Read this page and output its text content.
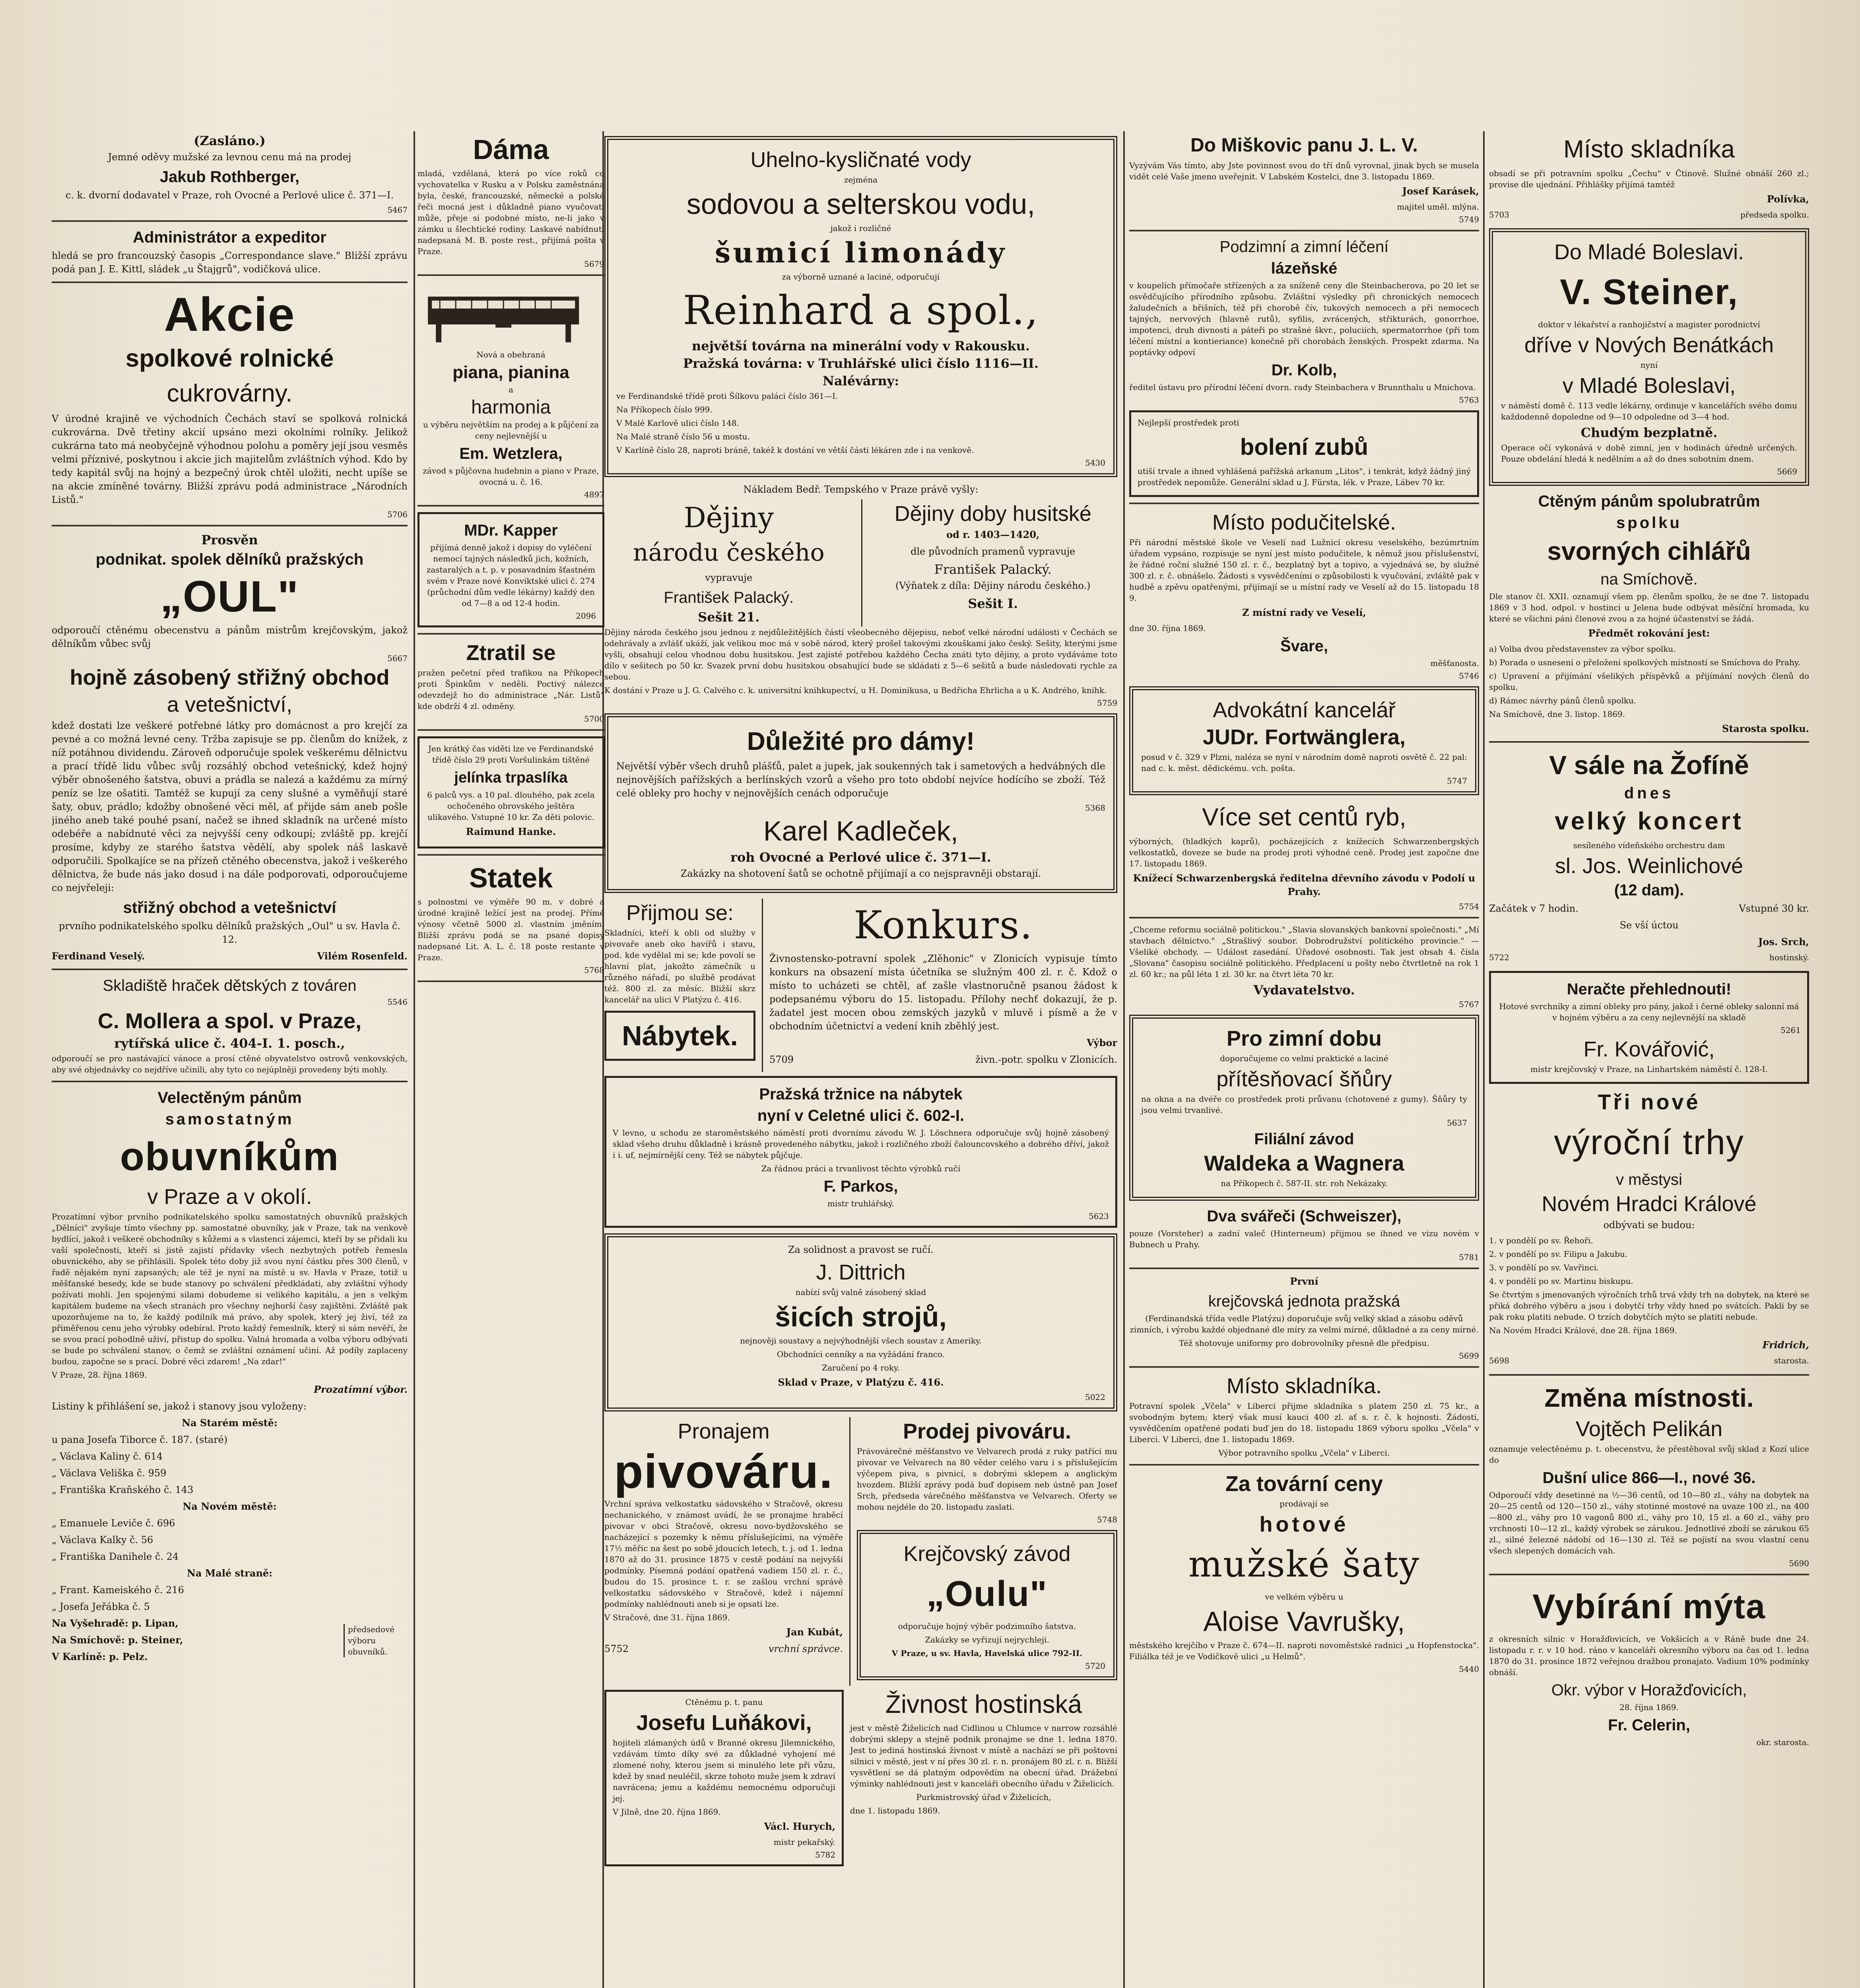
(Zasláno.)
Jemné oděvy mužské za levnou cenu má na prodej
Jakub Rothberger,
c. k. dvorní dodavatel v Praze, roh Ovocné a Perlové ulice č. 371—I.
5467
Administrátor a expeditor
hledá se pro francouzský časopis „Correspondance slave." Bližší zprávu podá pan J. E. Kittl, sládek „u Štajgrů", vodičková ulice.
Akcie
spolkové rolnické
cukrovárny.
V úrodné krajině ve východních Čechách staví se spolková rolnická cukrovárna. Dvě třetiny akcií upsáno mezi okolními rolníky. Jelikož cukrárna tato má neobyčejně výhodnou polohu a poměry její jsou vesměs velmi příznivé, poskytnou i akcie jich majitelům zvláštních výhod. Kdo by tedy kapitál svůj na hojný a bezpečný úrok chtěl uložiti, necht upíše se na akcie zmíněné továrny. Bližší zprávu podá administrace „Národních Listů."
5706
Prosvěn
podnikat. spolek dělníků pražských
„OUL"
odporoučí ctěnému obecenstvu a pánům mistrům krejčovským, jakož dělníkům vůbec svůj
5667
hojně zásobený střižný obchod
a vetešnictví,
kdež dostati lze veškeré potřebné látky pro domácnost a pro krejčí za pevné a co možná levné ceny. Tržba zapisuje se pp. členům do knížek, z níž potáhnou dividendu. Zároveň odporučuje spolek veškerému dělnictvu a prací třídě lidu vůbec svůj rozsáhlý obchod vetešnický, kdež hojný výběr obnošeného šatstva, obuvi a prádla se nalezá a každému za mírný peníz se lze ošatiti. Tamtéž se kupují za ceny slušné a vyměňují staré šaty, obuv, prádlo; kdožby obnošené věci měl, ať přijde sám aneb pošle jiného aneb také pouhé psaní, načež se ihned skladník na určené místo odebéře a nabídnuté věci za nejvyšší ceny odkoupí; zvláště pp. krejčí prosíme, kdyby ze starého šatstva vědělí, aby spolek náš laskavě odporučili. Spolkajíce se na přízeň ctěného obecenstva, jakož i veškerého dělnictva, že bude nás jako dosud i na dále podporovati, odporoučujeme co nejvřeleji:
střižný obchod a vetešnictví
prvního podnikatelského spolku dělníků pražských „Oul" u sv. Havla č. 12.
Ferdinand Veselý.	Vilém Rosenfeld.
Skladiště hraček dětských z továren
5546
C. Mollera a spol. v Praze,
rytířská ulice č. 404-I. 1. posch.,
odporoučí se pro nastávající vánoce a prosí ctěné obyvatelstvo ostrovů venkovských, aby své objednávky co nejdříve učinili, aby tyto co nejúplněji provedeny býti mohly.
Velectěným pánům
samostatným
obuvníkům
v Praze a v okolí.
Prozatímní výbor prvního podnikatelského spolku samostatných obuvníků pražských „Dělníci" zvyšuje tímto všechny pp. samostatné obuvníky, jak v Praze, tak na venkově bydlící, jakož i veškeré obchodníky s kůžemi a s vlastenci zájemci, kteří by se přidali ku vaší společnosti, kteří si jistě zajistí přídavky všech nezbytných potřeb řemesla obuvnického, aby se přihlásili. Spolek této doby již svou nyní částku přes 300 členů, v řadě nějakém nyní zapsaných; ale též je nyní na místě u sv. Havla v Praze, totiž u měšťanské besedy, kde se bude stanovy po schválení předkládati, aby zvláštní výhody požívati mohli. Jen spojenými silami dobudeme si velikého kapitálu, a jen s velkým kapitálem budeme na všech stranách pro všechny nejhorší časy zajištěni. Zvláště pak upozorňujeme na to, že každý podílník má právo, aby spolek, který jej živí, též za přiměřenou cenu jeho výrobky odebíral. Proto každý řemeslník, který si sám nevěří, že se svou prací pohodlně uživí, přistup do spolku. Valná hromada a volba výboru odbývati se bude po schválení stanov, o čemž se zvláštní oznámení učiní. Až podíly zaplaceny budou, započne se s prací. Dobré věci zdarem! „Na zdar!"
V Praze, 28. října 1869.
Prozatímní výbor.
Listiny k přihlášení se, jakož i stanovy jsou vyloženy:
Na Starém městě:
u pana Josefa Tiborce č. 187. (staré)
„ Václava Kaliny č. 614
„ Václava Veliška č. 959
„ Františka Kraňského č. 143
Na Novém městě:
„ Emanuele Leviče č. 696
„ Václava Kalky č. 56
„ Františka Danihele č. 24
Na Malé straně:
„ Frant. Kameiského č. 216
„ Josefa Jeřábka č. 5
Na Vyšehradě: p. Lipan,
Na Smíchově: p. Steiner,
V Karlíně: p. Pelz.
předsedové výboru obuvníků.
Dáma
mladá, vzdělaná, která po více roků co vychovatelka v Rusku a v Polsku zaměstnána byla, české, francouzské, německé a polské řeči mocná jest i důkladně piano vyučovati může, přeje si podobné místo, ne-li jako v zámku u šlechtické rodiny. Laskavé nabídnutí nadepsaná M. B. poste rest., přijímá pošta v Praze.
5679
Nová a obehraná
piana, pianina
a
harmonia
u výběru největším na prodej a k půjčení za ceny nejlevnější u
Em. Wetzlera,
závod s půjčovna hudebnin a piano v Praze, ovocná u. č. 16.
4897
MDr. Kapper
přijímá denně jakož i dopisy do vyléčení nemocí tajných následků jich, kožních, zastaralých a t. p. v posavadním šťastném svém v Praze nové Konviktské ulici č. 274 (průchodní dům vedle lékárny) každý den od 7—8 a od 12-4 hodin.
2096
Ztratil se
pražen pečetní před trafikou na Příkopech proti Špinkům v neděli. Poctivý nálezce odevzdejž ho do administrace „Nár. Listů" kde obdrží 4 zl. odměny.
5700
Jen krátký čas viděti lze ve Ferdinandské třídě číslo 29 proti Voršulinkám tištěné
jelínka trpaslíka
6 palců vys. a 10 pal. dlouhého, pak zcela ochočeného obrovského ještěra ulikavého. Vstupné 10 kr. Za děti polovic.
Raimund Hanke.
Statek
s polnostmi ve výměře 90 m. v dobré a úrodné krajině ležící jest na prodej. Přímé výnosy včetně 5000 zl. vlastním jměním. Bližší zprávu podá se na psané dopisy nadepsané Lit. A. L. č. 18 poste restante v Praze.
5768
Uhelno-kysličnaté vody
zejména
sodovou a selterskou vodu,
jakož i rozličné
šumicí limonády
za výborně uznané a laciné, odporučují
Reinhard a spol.,
největší továrna na minerální vody v Rakousku.
Pražská továrna: v Truhlářské ulici číslo 1116—II.
Nalévárny:
ve Ferdinandské třídě proti Šílkovu paláci číslo 361—I.
Na Příkopech číslo 999.
V Malé Karlově ulici číslo 148.
Na Malé straně číslo 56 u mostu.
V Karlíně číslo 28, naproti bráně, takéž k dostání ve větší části lékáren zde i na venkově.
5430
Nákladem Bedř. Tempského v Praze právě vyšly:
Dějiny
národu českého
vypravuje
František Palacký.
Sešit 21.
Dějiny doby husitské
od r. 1403—1420,
dle původních pramenů vypravuje
František Palacký.
(Výňatek z díla: Dějiny národu českého.)
Sešit I.
Dějiny národa českého jsou jednou z nejdůležitějších částí všeobecného dějepisu, neboť velké národní události v Čechách se odehrávaly a zvlášť ukáží, jak velikou moc má v sobě národ, který prošel takovými zkouškami jako český. Sešity, kterými jsme vyšli, obsahují celou vhodnou dobu husitskou. Jest zajisté potřebou každého Čecha znáti tyto dějiny, a proto vydáváme toto dílo v sešitech po 50 kr. Svazek první dobu husitskou obsahující bude se skládati z 5—6 sešitů a bude následovati rychle za sebou.
K dostání v Praze u J. G. Calvého c. k. universitní knihkupectví, u H. Dominikusa, u Bedřicha Ehrlicha a u K. Andrého, knihk.
5759
Důležité pro dámy!
Největší výběr všech druhů plášťů, palet a jupek, jak soukenných tak i sametových a hedvábných dle nejnovějších pařížských a berlínských vzorů a všeho pro toto období nejvíce hodícího se zboží. Též celé obleky pro hochy v nejnovějších cenách odporučuje
5368
Karel Kadleček,
roh Ovocné a Perlové ulice č. 371—I.
Zakázky na shotovení šatů se ochotně přijímají a co nejspravněji obstarají.
Přijmou se:
Skladníci, kteří k obli od služby v pivovaře aneb oko havířů i stavu, pod. kde vydělal mi se; kde povolí se hlavní plat, jakožto zámečník u různého nářadí, po službě prodávat též. 800 zl. za měsíc. Bližší skrz kancelář na ulici V Platýzu č. 416.
Nábytek.
Konkurs.
Živnostensko-potravní spolek „Zlěhonic" v Zlonicích vypisuje tímto konkurs na obsazení místa účetníka se služným 400 zl. r. č. Kdož o místo to ucházeti se chtěl, ať zašle vlastnoručně psanou žádost k podepsanému výboru do 15. listopadu. Přílohy nechť dokazují, že p. žadatel jest mocen obou zemských jazyků v mluvě i písmě a že v obchodním účetnictví a vedení knih zběhlý jest.
Výbor
5709	živn.-potr. spolku v Zlonicích.
Pražská tržnice na nábytek
nyní v Celetné ulici č. 602-I.
V levno, u schodu ze staroměstského náměstí proti dvornímu závodu W. J. Löschnera odporučuje svůj hojně zásobený sklad všeho druhu důkladně i krásně provedeného nábytku, jakož i rozličného zboží čalouncovského a dobrého dříví, jakož i i. uf, nejmírnější ceny. Též se nábytek půjčuje.
Za řádnou práci a trvanlivost těchto výrobků ručí
F. Parkos,
mistr truhlářský.
5623
Za solidnost a pravost se ručí.
J. Dittrich
nabízí svůj valně zásobený sklad
šicích strojů,
nejnověji soustavy a nejvýhodnější všech soustav z Ameriky.
Obchodníci cenníky a na vyžádání franco.
Zaručení po 4 roky.
Sklad v Praze, v Platýzu č. 416.
5022
Pronajem
pivováru.
Vrchní správa velkostatku sádovského v Stračově, okresu nechanického, v známost uvádí, že se pronajme hraběcí pivovar v obci Stračově, okresu novo-bydžovského se nacházející s pozemky k němu příslušejícími, na výměře 17½ měřic na šest po sobě jdoucích letech, t. j. od 1. ledna 1870 až do 31. prosince 1875 v cestě podání na nejvyšší podmínky. Písemná podání opatřená vadiem 150 zl. r. č., budou do 15. prosince t. r. se zašlou vrchní správě velkostatku sádovského v Stračově, kdež i nájemní podmínky nahlédnouti aneb si je opsati lze.
V Stračově, dne 31. října 1869.
Jan Kubát,
5752	vrchní správce.
Prodej pivováru.
Právovárečné měšťanstvo ve Velvarech prodá z ruky patřící mu pivovar ve Velvarech na 80 věder celého varu i s příslušejícím výčepem piva, s pivnicí, s dobrými sklepem a anglickým hvozdem. Bližší zprávy podá buď dopisem neb ústně pan Josef Srch, předseda várečného měšťanstva ve Velvarech. Oferty se mohou nejdéle do 20. listopadu zaslati.
5748
Krejčovský závod
„Oulu"
odporučuje hojný výběr podzimního šatstva.
Zakázky se vyřizují nejrychleji.
V Praze, u sv. Havla, Havelská ulice 792-II.
5720
Ctěnému p. t. panu
Josefu Luňákovi,
hojiteli zlámaných údů v Branné okresu Jilemnického, vzdávám tímto díky své za důkladné vyhojení mé zlomené nohy, kterou jsem si minulého lete při vůzu, kdež by snad neuléčil, skrze tohoto muže jsem k zdraví navrácena; jemu a každému nemocnému odporučuji jej.
V Jilně, dne 20. října 1869.
Václ. Hurych,
mistr pekařský.
5782
Živnost hostinská
jest v městě Žiželicích nad Cidlinou u Chlumce v narrow rozsáhlé dobrými sklepy a stejně podnik pronajme se dne 1. ledna 1870. Jest to jediná hostinská živnost v místě a nachází se při poštovní silnici v městě, jest v ní přes 30 zl. r. n. pronájem 80 zl. r. n. Bližší vysvětlení se dá platným odpovědím na obecní úřad. Drážební výminky nahlédnouti jest v kanceláři obecního úřadu v Žiželicích.
Purkmistrovský úřad v Žiželicích,
dne 1. listopadu 1869.
Do Miškovic panu J. L. V.
Vyzývám Vás tímto, aby Jste povinnost svou do tří dnů vyrovnal, jinak bych se musela vidět celé Vaše jmeno uveřejnit. V Labském Kostelci, dne 3. listopadu 1869.
Josef Karásek,
majitel uměl. mlýna.
5749
Podzimní a zimní léčení
lázeňské
v koupelích přímočaře střízených a za sníženě ceny dle Steinbacherova, po 20 let se osvědčujícího přírodního způsobu. Zvláštní výsledky při chronických nemocech žaludečních a břišních, též při chorobě čív, tukových nemocech a při nemocech tajných, nervových (hlavně rutů), syfilis, zvrácených, střikturách, gonorrhoe, impotenci, druh divnosti a páteři po strašné škvr., poluciích, spermatorrhoe (při tom léčení místní a kontieriance) konečně při chorobách ženských. Prospekt zdarma. Na poptávky odpoví
Dr. Kolb,
ředitel ústavu pro přírodní léčení dvorn. rady Steinbachera v Brunnthalu u Mnichova.
5763
Nejlepší prostředek proti
bolení zubů
utiší trvale a ihned vyhlášená pařížská arkanum „Litos", i tenkrát, když žádný jiný prostředek nepomůže. Generální sklad u J. Fürsta, lék. v Praze, Lábev 70 kr.
Místo podučitelské.
Při národní městské škole ve Veselí nad Lužnicí okresu veselského, bezúmrtním úřadem vypsáno, rozpisuje se nyní jest místo podučitele, k němuž jsou příslušenství, že řádné roční služné 150 zl. r. č., bezplatný byt a topivo, a vyjednává se, by služné 300 zl. r. č. obnášelo. Žádosti s vysvědčeními o způsobilosti k vyučování, zvláště pak v hudbě a zpěvu opatřenými, přijímají se u místní rady ve Veselí až do 15. listopadu 18 9.
Z místní rady ve Veselí,
dne 30. října 1869.
Švare,
měšťanosta.
5746
Advokátní kancelář
JUDr. Fortwänglera,
posud v č. 329 v Plzni, naléza se nyní v národním domě naproti osvětě č. 22 pal: nad c. k. měst. dědickému. vch. pošta.
5747
Více set centů ryb,
výborných, (hladkých kaprů), pocházejících z knížecích Schwarzenbergských velkostatků, doveze se bude na prodej proti výhodné ceně. Prodej jest započne dne 17. listopadu 1869.
Knížecí Schwarzenbergská ředitelna dřevního závodu v Podolí u Prahy.
5754
„Chceme reformu sociálně politickou." „Slavia slovanských bankovní společnosti." „Mí stavbach dělnictvo." „Strašlivý soubor. Dobrodružství politického provincie." — Všeliké obchody. — Událost zasedání. Úřadové osobnosti. Tak jest obsah 4. čísla „Slovana" časopisu sociálně politického. Předplacení u pošty nebo čtvrtletně na rok 1 zl. 60 kr.; na půl léta 1 zl. 30 kr. na čtvrt léta 70 kr.
Vydavatelstvo.
5767
Pro zimní dobu
doporučujeme co velmi praktické a laciné
přítěsňovací šňůry
na okna a na dvéře co prostředek proti průvanu (chotovené z gumy). Šňůry ty jsou velmi trvanlivé.
5637
Filiální závod
Waldeka a Wagnera
na Příkopech č. 587-II. str. roh Nekázaky.
Dva svářeči (Schweiszer),
pouze (Vorsteher) a zadní valeč (Hinterneum) přijmou se ihned ve vizu novém v Bubnech u Prahy.
5781
První
krejčovská jednota pražská
(Ferdinandská třída vedle Platýzu) doporučuje svůj velký sklad a zásobu oděvů zimních, i výrobu každé objednané dle míry za velmi mírné, důkladné a za ceny mírné.
Též shotovuje uniformy pro dobrovolníky přesně dle předpisu.
5699
Místo skladníka.
Potravní spolek „Včela" v Liberci přijme skladníka s platem 250 zl. 75 kr., a svobodným bytem; který však musí kauci 400 zl. ať s. r. č. k hojnosti. Žádosti, vysvědčením opatřené podati buď jen do 18. listopadu 1869 výboru spolku „Včela" v Liberci. V Liberci, dne 1. listopadu 1869.
Výbor potravního spolku „Včela" v Liberci.
Za tovární ceny
prodávají se
hotové
mužské šaty
ve velkém výběru u
Aloise Vavrušky,
městského krejčího v Praze č. 674—II. naproti novoměstské radnici „u Hopfenstocka". Filiálka též je ve Vodičkově ulici „u Helmů".
5440
Místo skladníka
obsadí se při potravním spolku „Čechu" v Čtinově. Služné obnáší 260 zl.; provise dle ujednání. Přihlášky přijímá tamtéž
Polívka,
5703	předseda spolku.
Do Mladé Boleslavi.
V. Steiner,
doktor v lékařství a ranhojičství a magister porodnictví
dříve v Nových Benátkách
nyní
v Mladé Boleslavi,
v náměstí domě č. 113 vedle lékárny, ordinuje v kancelářích svého domu každodenně dopoledne od 9—10 odpoledne od 3—4 hod.
Chudým bezplatně.
Operace očí vykonává v době zimní, jen v hodinách úředně určených. Pouze obdelání hledá k nedělním a až do dnes sobotním dnem.
5669
Ctěným pánům spolubratrům
spolku
svorných cihlářů
na Smíchově.
Dle stanov čl. XXII. oznamují všem pp. členům spolku, že se dne 7. listopadu 1869 v 3 hod. odpol. v hostinci u Jelena bude odbývat měsíční hromada, ku které se všichni páni členové zvou a za hojné účastenství se žádá.
Předmět rokování jest:
a) Volba dvou představenstev za výbor spolku.
b) Porada o usnesení o přeložení spolkových místností se Smíchova do Prahy.
c) Upravení a přijímání všelikých příspěvků a přijímání nových členů do spolku.
d) Rámec návrhy pánů členů spolku.
Na Smíchově, dne 3. listop. 1869.
Starosta spolku.
V sále na Žofíně
dnes
velký koncert
sesíleného vídeňského orchestru dam
sl. Jos. Weinlichové
(12 dam).
Začátek v 7 hodin.	Vstupné 30 kr.
Se vší úctou
Jos. Srch,
5722	hostinský.
Neračte přehlednouti!
Hotové svrchníky a zimní obleky pro pány, jakož i černé obleky salonní má v hojném výběru a za ceny nejlevnější na skladě
5261
Fr. Kovářović,
mistr krejčovský v Praze, na Linhartském náměstí č. 128-I.
Tři nové
výroční trhy
v městysi
Novém Hradci Králové
odbývati se budou:
1. v pondělí po sv. Řehoři.
2. v pondělí po sv. Filipu a Jakubu.
3. v pondělí po sv. Vavřinci.
4. v pondělí po sv. Martinu biskupu.
Se čtvrtým s jmenovaných výročních trhů trvá vždy trh na dobytek, na které se přiká dobrého výběru a jsou i dobytčí trhy vždy hned po svátcích. Pakli by se pak roku platiti nebude. O trzích dobytčích mýto se platiti nebude.
Na Novém Hradci Králové, dne 28. října 1869.
Fridrich,
5698	starosta.
Změna místnosti.
Vojtěch Pelikán
oznamuje velectěnému p. t. obecenstvu, že přestěhoval svůj sklad z Kozí ulice do
Dušní ulice 866—I., nové 36.
Odporoučí vždy desetinné na ½—36 centů, od 10—80 zl., váhy na dobytek na 20—25 centů od 120—150 zl., váhy stotinné mostové na uvaze 100 zl., na 400—800 zl., váhy pro 10 vagonů 800 zl., váhy pro 10, 15 zl. a 60 zl., váhy pro vrchnosti 10—12 zl., každý výrobek se zárukou. Jednotlivé zboží se zárukou 65 zl., silné železné nádobí od 16—130 zl. Též se pojistí na svou vlastní cenu všech slepených domácích vah.
5690
Vybírání mýta
z okresních silnic v Horažďovicích, ve Vokšicích a v Ráně bude dne 24. listopadu r. r. v 10 hod. ráno v kanceláři okresního výboru na čas od 1. ledna 1870 do 31. prosince 1872 veřejnou dražbou pronajato. Vadium 10% podmínky obnáší.
Okr. výbor v Horažďovicích,
28. října 1869.
Fr. Celerin,
okr. starosta.
